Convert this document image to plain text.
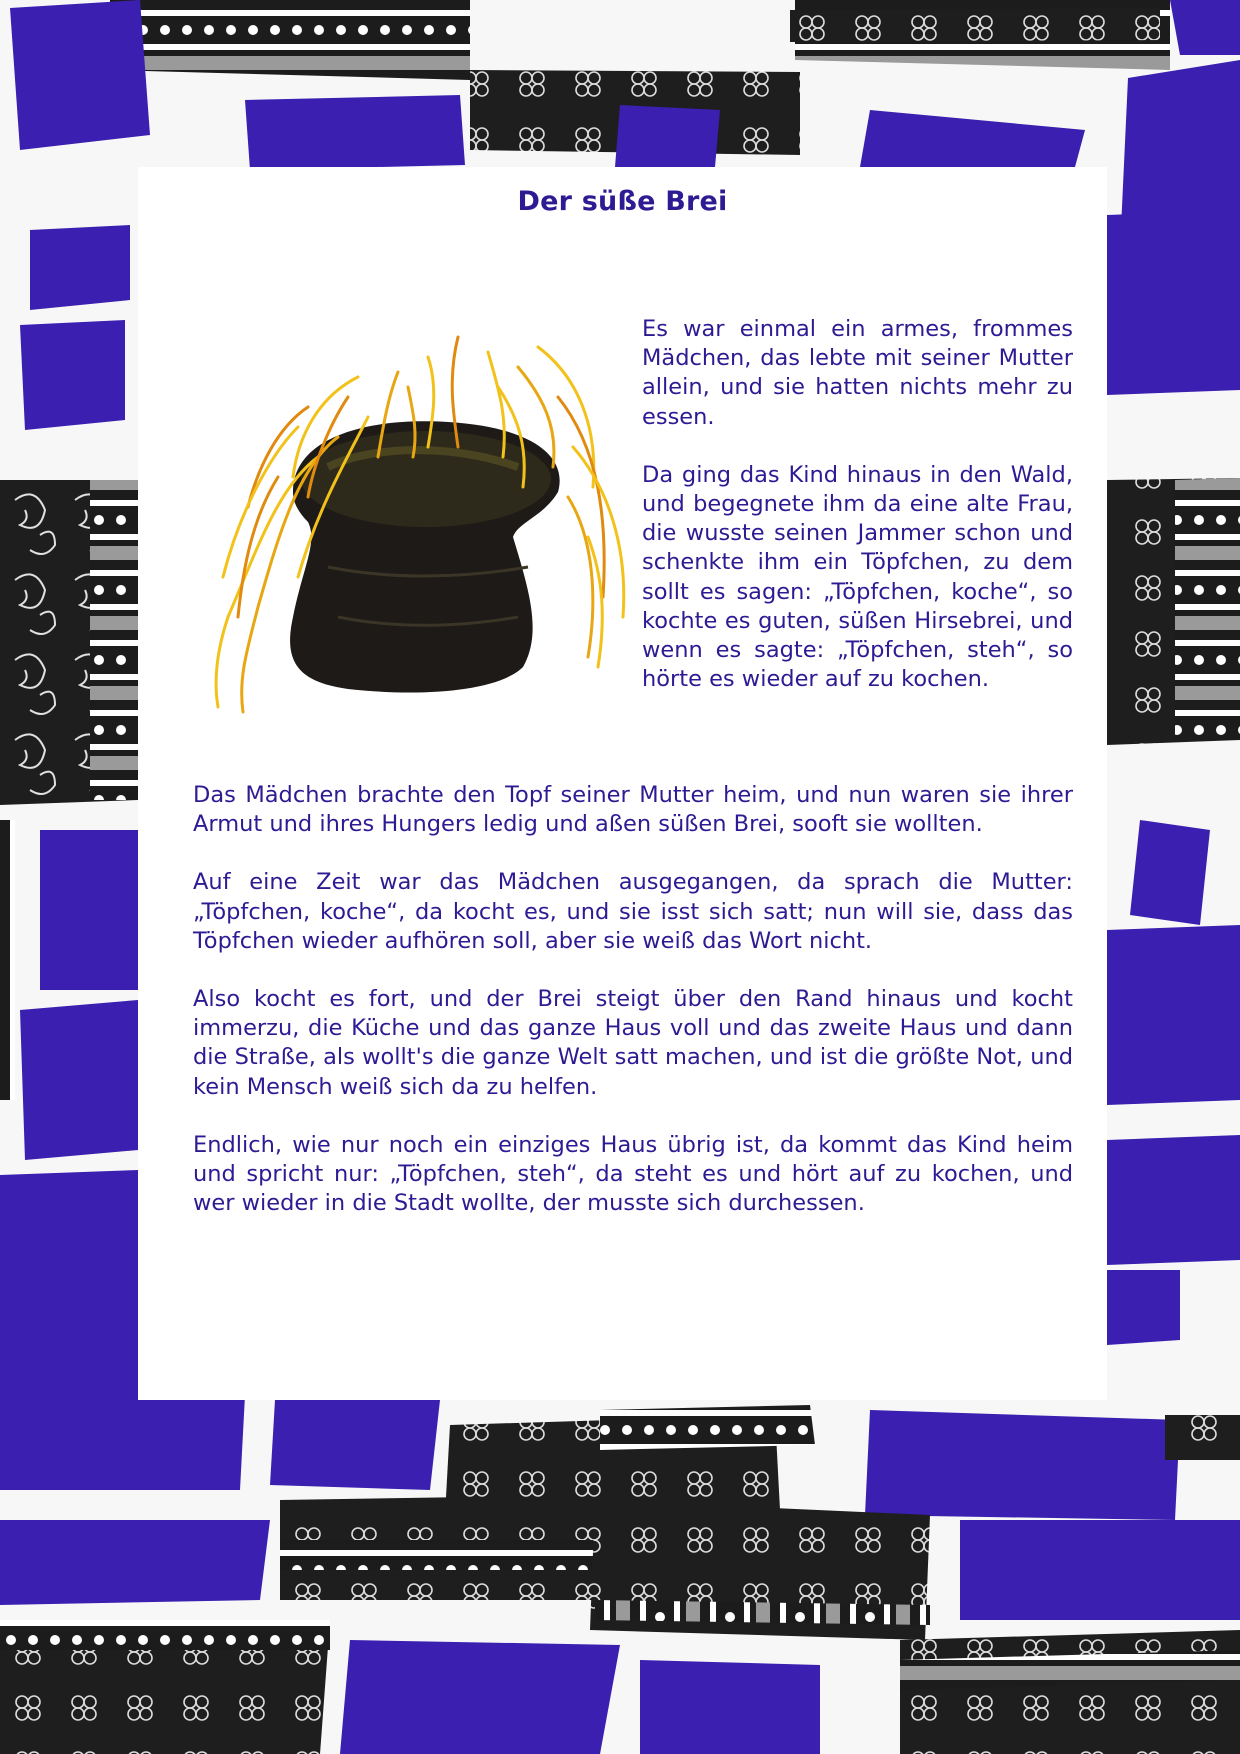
Der süße Brei

Es war einmal ein armes, frommes Mädchen, das lebte mit seiner Mutter allein, und sie hatten nichts mehr zu essen.

Da ging das Kind hinaus in den Wald, und begegnete ihm da eine alte Frau, die wusste seinen Jammer schon und schenkte ihm ein Töpfchen, zu dem sollt es sagen: „Töpfchen, koche“, so kochte es guten, süßen Hirsebrei, und wenn es sagte: „Töpfchen, steh“, so hörte es wieder auf zu kochen.

Das Mädchen brachte den Topf seiner Mutter heim, und nun waren sie ihrer Armut und ihres Hungers ledig und aßen süßen Brei, sooft sie wollten.

Auf eine Zeit war das Mädchen ausgegangen, da sprach die Mutter: „Töpfchen, koche“, da kocht es, und sie isst sich satt; nun will sie, dass das Töpfchen wieder aufhören soll, aber sie weiß das Wort nicht.

Also kocht es fort, und der Brei steigt über den Rand hinaus und kocht immerzu, die Küche und das ganze Haus voll und das zweite Haus und dann die Straße, als wollt's die ganze Welt satt machen, und ist die größte Not, und kein Mensch weiß sich da zu helfen.

Endlich, wie nur noch ein einziges Haus übrig ist, da kommt das Kind heim und spricht nur: „Töpfchen, steh“, da steht es und hört auf zu kochen, und wer wieder in die Stadt wollte, der musste sich durchessen.
